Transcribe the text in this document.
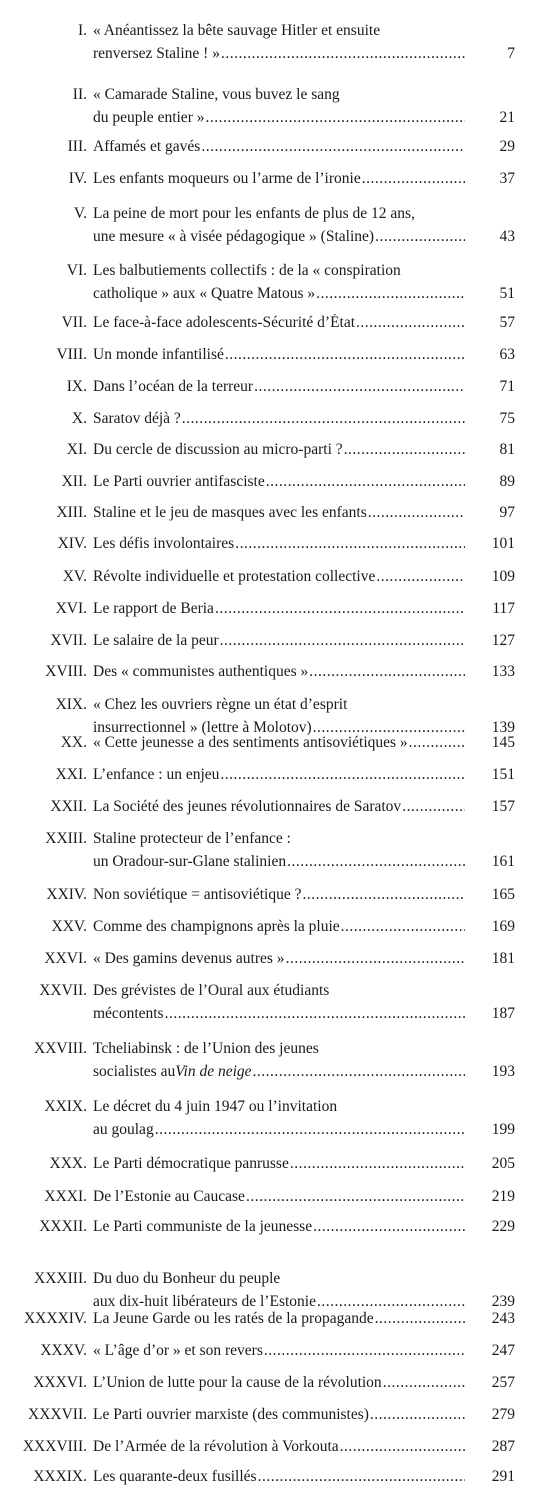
I. « Anéantissez la bête sauvage Hitler et ensuite
renversez Staline ! » .....	7
II. « Camarade Staline, vous buvez le sang
du peuple entier » .....	21
III. Affamés et gavés .....	29
IV. Les enfants moqueurs ou l’arme de l’ironie .....	37
V. La peine de mort pour les enfants de plus de 12 ans,
une mesure « à visée pédagogique » (Staline) .....	43
VI. Les balbutiements collectifs : de la « conspiration
catholique » aux « Quatre Matous » .....	51
VII. Le face-à-face adolescents-Sécurité d’État .....	57
VIII. Un monde infantilisé .....	63
IX. Dans l’océan de la terreur .....	71
X. Saratov déjà ? .....	75
XI. Du cercle de discussion au micro-parti ? .....	81
XII. Le Parti ouvrier antifasciste .....	89
XIII. Staline et le jeu de masques avec les enfants .....	97
XIV. Les défis involontaires .....	101
XV. Révolte individuelle et protestation collective .....	109
XVI. Le rapport de Beria .....	117
XVII. Le salaire de la peur .....	127
XVIII. Des « communistes authentiques » .....	133
XIX. « Chez les ouvriers règne un état d’esprit
insurrectionnel » (lettre à Molotov) .....	139
XX. « Cette jeunesse a des sentiments antisoviétiques » .....	145
XXI. L’enfance : un enjeu .....	151
XXII. La Société des jeunes révolutionnaires de Saratov .....	157
XXIII. Staline protecteur de l’enfance :
un Oradour-sur-Glane stalinien .....	161
XXIV. Non soviétique = antisoviétique ? .....	165
XXV. Comme des champignons après la pluie .....	169
XXVI. « Des gamins devenus autres » .....	181
XXVII. Des grévistes de l’Oural aux étudiants
mécontents .....	187
XXVIII. Tcheliabinsk : de l’Union des jeunes
socialistes au Vin de neige .....	193
XXIX. Le décret du 4 juin 1947 ou l’invitation
au goulag .....	199
XXX. Le Parti démocratique panrusse .....	205
XXXI. De l’Estonie au Caucase .....	219
XXXII. Le Parti communiste de la jeunesse .....	229
XXXIII. Du duo du Bonheur du peuple
aux dix-huit libérateurs de l’Estonie .....	239
XXXXIV. La Jeune Garde ou les ratés de la propagande .....	243
XXXV. « L’âge d’or » et son revers .....	247
XXXVI. L’Union de lutte pour la cause de la révolution .....	257
XXXVII. Le Parti ouvrier marxiste (des communistes) .....	279
XXXVIII. De l’Armée de la révolution à Vorkouta .....	287
XXXIX. Les quarante-deux fusillés .....	291
